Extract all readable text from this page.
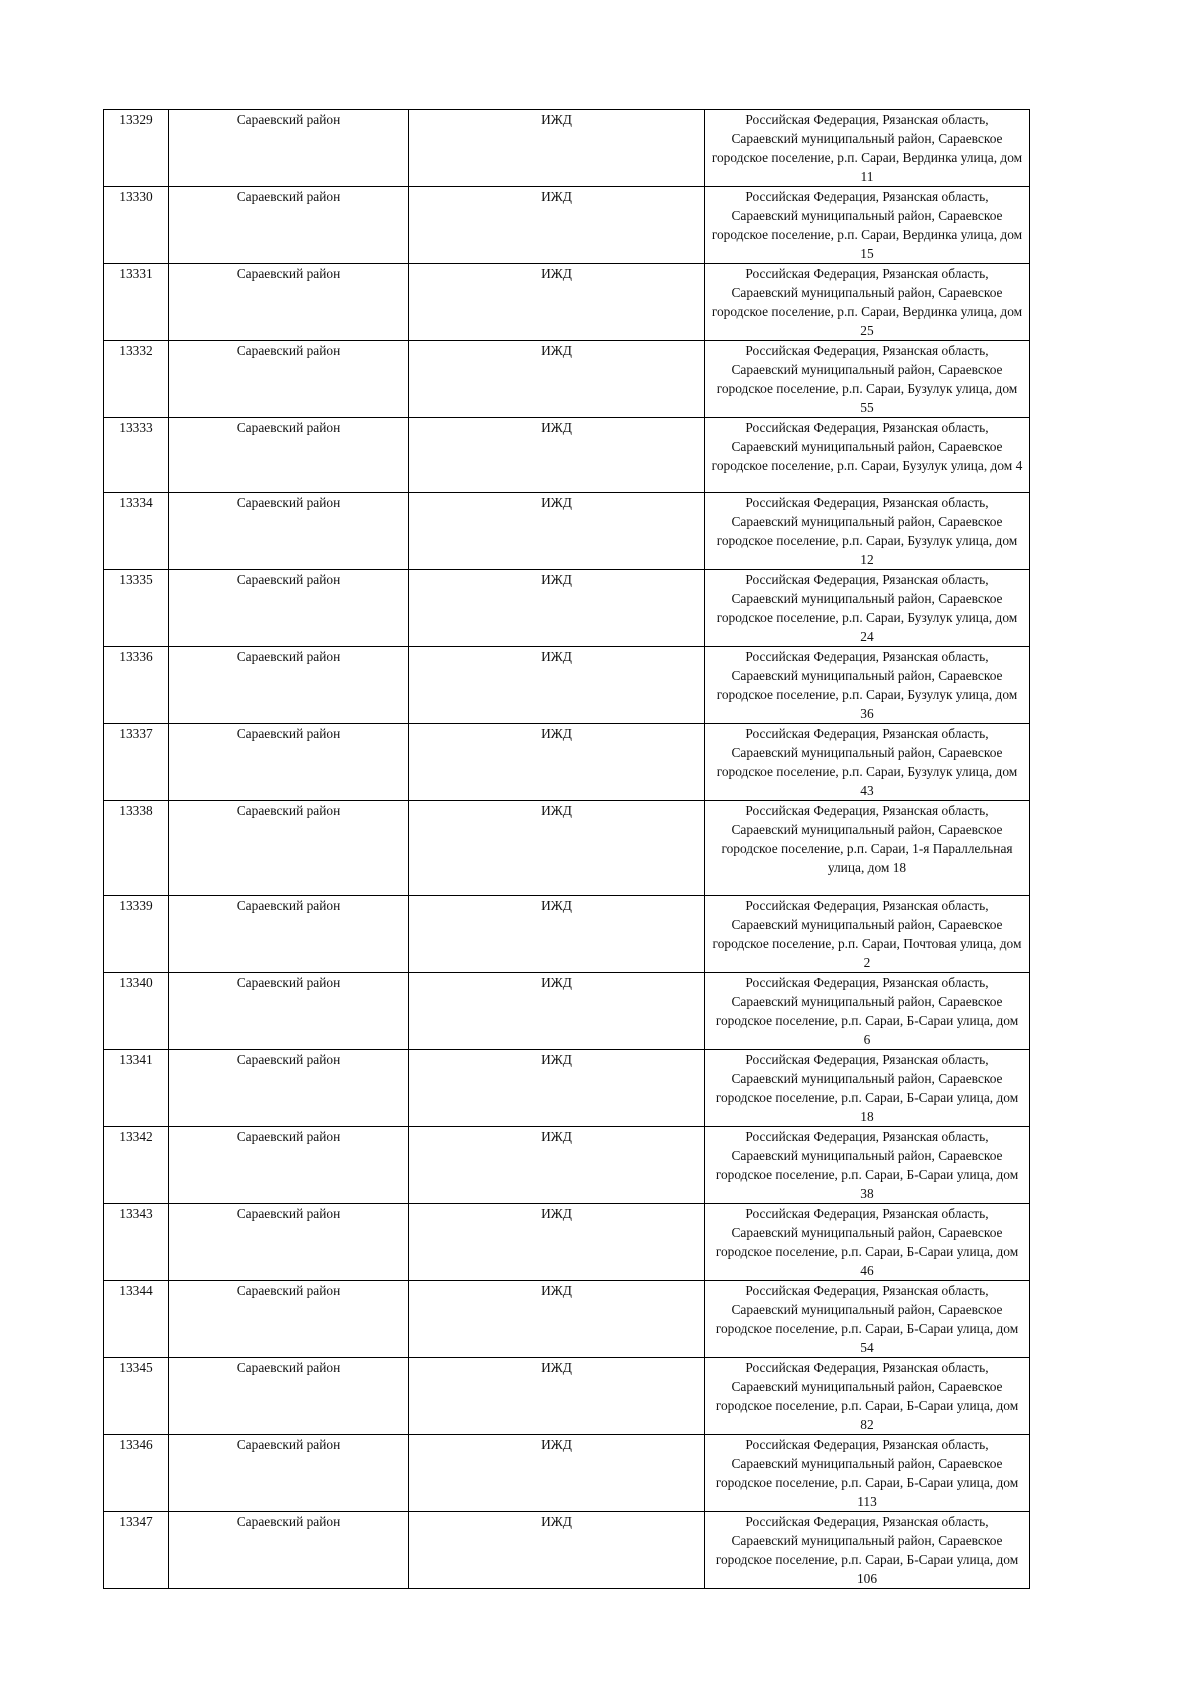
13329	Сараевский район	ИЖД	Российская Федерация, Рязанская область, Сараевский муниципальный район, Сараевское городское поселение, р.п. Сараи, Вердинка улица, дом 11
13330	Сараевский район	ИЖД	Российская Федерация, Рязанская область, Сараевский муниципальный район, Сараевское городское поселение, р.п. Сараи, Вердинка улица, дом 15
13331	Сараевский район	ИЖД	Российская Федерация, Рязанская область, Сараевский муниципальный район, Сараевское городское поселение, р.п. Сараи, Вердинка улица, дом 25
13332	Сараевский район	ИЖД	Российская Федерация, Рязанская область, Сараевский муниципальный район, Сараевское городское поселение, р.п. Сараи, Бузулук улица, дом 55
13333	Сараевский район	ИЖД	Российская Федерация, Рязанская область, Сараевский муниципальный район, Сараевское городское поселение, р.п. Сараи, Бузулук улица, дом 4
13334	Сараевский район	ИЖД	Российская Федерация, Рязанская область, Сараевский муниципальный район, Сараевское городское поселение, р.п. Сараи, Бузулук улица, дом 12
13335	Сараевский район	ИЖД	Российская Федерация, Рязанская область, Сараевский муниципальный район, Сараевское городское поселение, р.п. Сараи, Бузулук улица, дом 24
13336	Сараевский район	ИЖД	Российская Федерация, Рязанская область, Сараевский муниципальный район, Сараевское городское поселение, р.п. Сараи, Бузулук улица, дом 36
13337	Сараевский район	ИЖД	Российская Федерация, Рязанская область, Сараевский муниципальный район, Сараевское городское поселение, р.п. Сараи, Бузулук улица, дом 43
13338	Сараевский район	ИЖД	Российская Федерация, Рязанская область, Сараевский муниципальный район, Сараевское городское поселение, р.п. Сараи, 1-я Параллельная улица, дом 18
13339	Сараевский район	ИЖД	Российская Федерация, Рязанская область, Сараевский муниципальный район, Сараевское городское поселение, р.п. Сараи, Почтовая улица, дом 2
13340	Сараевский район	ИЖД	Российская Федерация, Рязанская область, Сараевский муниципальный район, Сараевское городское поселение, р.п. Сараи, Б-Сараи улица, дом 6
13341	Сараевский район	ИЖД	Российская Федерация, Рязанская область, Сараевский муниципальный район, Сараевское городское поселение, р.п. Сараи, Б-Сараи улица, дом 18
13342	Сараевский район	ИЖД	Российская Федерация, Рязанская область, Сараевский муниципальный район, Сараевское городское поселение, р.п. Сараи, Б-Сараи улица, дом 38
13343	Сараевский район	ИЖД	Российская Федерация, Рязанская область, Сараевский муниципальный район, Сараевское городское поселение, р.п. Сараи, Б-Сараи улица, дом 46
13344	Сараевский район	ИЖД	Российская Федерация, Рязанская область, Сараевский муниципальный район, Сараевское городское поселение, р.п. Сараи, Б-Сараи улица, дом 54
13345	Сараевский район	ИЖД	Российская Федерация, Рязанская область, Сараевский муниципальный район, Сараевское городское поселение, р.п. Сараи, Б-Сараи улица, дом 82
13346	Сараевский район	ИЖД	Российская Федерация, Рязанская область, Сараевский муниципальный район, Сараевское городское поселение, р.п. Сараи, Б-Сараи улица, дом 113
13347	Сараевский район	ИЖД	Российская Федерация, Рязанская область, Сараевский муниципальный район, Сараевское городское поселение, р.п. Сараи, Б-Сараи улица, дом 106
